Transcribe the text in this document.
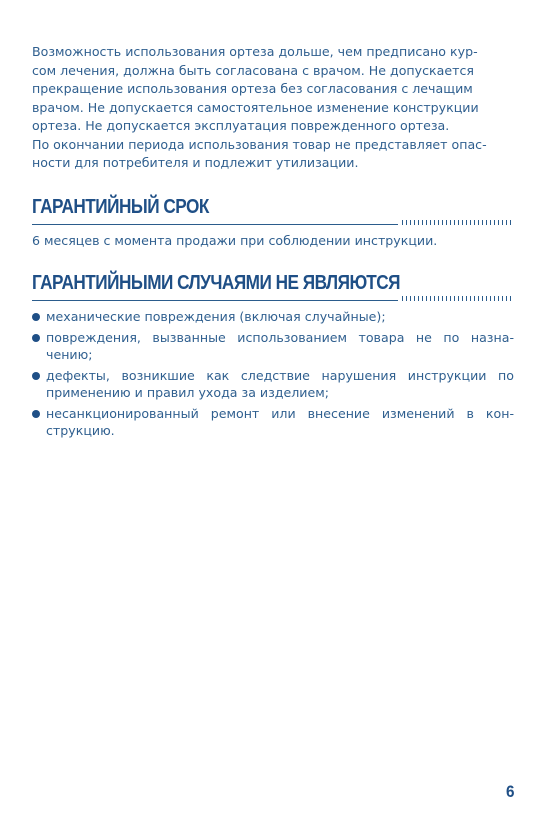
Возможность использования ортеза дольше, чем предписано кур-
сом лечения, должна быть согласована с врачом. Не допускается
прекращение использования ортеза без согласования с лечащим
врачом. Не допускается самостоятельное изменение конструкции
ортеза. Не допускается эксплуатация поврежденного ортеза.
По окончании периода использования товар не представляет опас-
ности для потребителя и подлежит утилизации.
ГАРАНТИЙНЫЙ СРОК

6 месяцев с момента продажи при соблюдении инструкции.

ГАРАНТИЙНЫМИ СЛУЧАЯМИ НЕ ЯВЛЯЮТСЯ
механические повреждения (включая случайные);
повреждения, вызванные использованием товара не по назна-чению;
дефекты, возникшие как следствие нарушения инструкции по применению и правил ухода за изделием;
несанкционированный ремонт или внесение изменений в кон-струкцию.
6
